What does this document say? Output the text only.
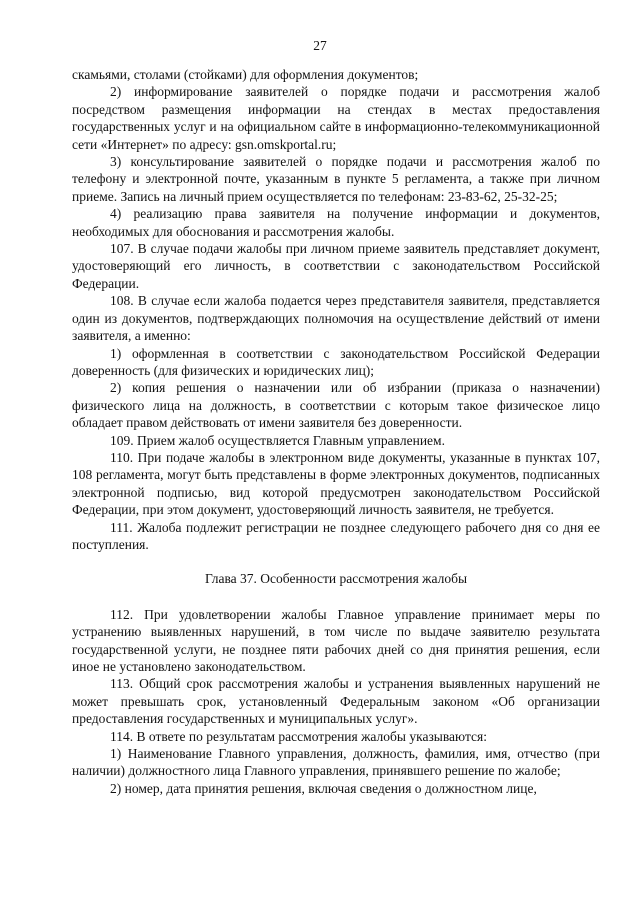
27

скамьями, столами (стойками) для оформления документов;

2) информирование заявителей о порядке подачи и рассмотрения жалоб посредством размещения информации на стендах в местах предоставления государственных услуг и на официальном сайте в информационно-телекоммуникационной сети «Интернет» по адресу: gsn.omskportal.ru;

3) консультирование заявителей о порядке подачи и рассмотрения жалоб по телефону и электронной почте, указанным в пункте 5 регламента, а также при личном приеме. Запись на личный прием осуществляется по телефонам: 23-83-62, 25-32-25;

4) реализацию права заявителя на получение информации и документов, необходимых для обоснования и рассмотрения жалобы.

107. В случае подачи жалобы при личном приеме заявитель представляет документ, удостоверяющий его личность, в соответствии с законодательством Российской Федерации.

108. В случае если жалоба подается через представителя заявителя, представляется один из документов, подтверждающих полномочия на осуществление действий от имени заявителя, а именно:

1) оформленная в соответствии с законодательством Российской Федерации доверенность (для физических и юридических лиц);

2) копия решения о назначении или об избрании (приказа о назначении) физического лица на должность, в соответствии с которым такое физическое лицо обладает правом действовать от имени заявителя без доверенности.

109. Прием жалоб осуществляется Главным управлением.

110. При подаче жалобы в электронном виде документы, указанные в пунктах 107, 108 регламента, могут быть представлены в форме электронных документов, подписанных электронной подписью, вид которой предусмотрен законодательством Российской Федерации, при этом документ, удостоверяющий личность заявителя, не требуется.

111. Жалоба подлежит регистрации не позднее следующего рабочего дня со дня ее поступления.

Глава 37. Особенности рассмотрения жалобы

112. При удовлетворении жалобы Главное управление принимает меры по устранению выявленных нарушений, в том числе по выдаче заявителю результата государственной услуги, не позднее пяти рабочих дней со дня принятия решения, если иное не установлено законодательством.

113. Общий срок рассмотрения жалобы и устранения выявленных нарушений не может превышать срок, установленный Федеральным законом «Об организации предоставления государственных и муниципальных услуг».

114. В ответе по результатам рассмотрения жалобы указываются:

1) Наименование Главного управления, должность, фамилия, имя, отчество (при наличии) должностного лица Главного управления, принявшего решение по жалобе;

2) номер, дата принятия решения, включая сведения о должностном лице,
